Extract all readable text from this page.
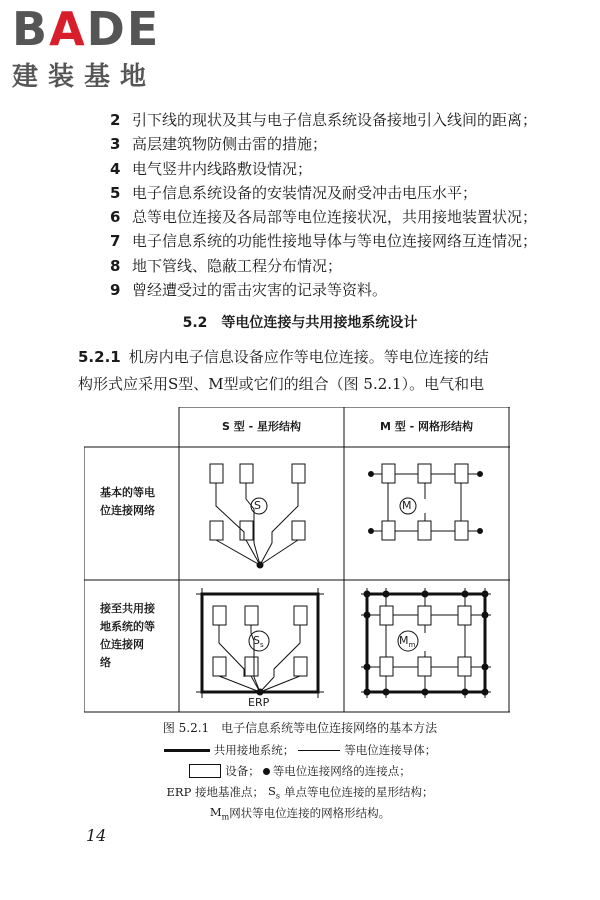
BADE
建装基地
2 引下线的现状及其与电子信息系统设备接地引入线间的距离；
3 高层建筑物防侧击雷的措施；
4 电气竖井内线路敷设情况；
5 电子信息系统设备的安装情况及耐受冲击电压水平；
6 总等电位连接及各局部等电位连接状况，共用接地装置状况；
7 电子信息系统的功能性接地导体与等电位连接网络互连情况；
8 地下管线、隐蔽工程分布情况；
9 曾经遭受过的雷击灾害的记录等资料。
5.2　等电位连接与共用接地系统设计
5.2.1 机房内电子信息设备应作等电位连接。等电位连接的结
构形式应采用S型、M型或它们的组合（图 5.2.1）。电气和电
S 型 - 星形结构	M 型 - 网格形结构
基本的等电
位连接网络
接至共用接
地系统的等
位连接网
络
S	M
$S_s$	$M_m$
ERP
图 5.2.1　电子信息系统等电位连接网络的基本方法
共用接地系统；	等电位连接导体；
设备； 等电位连接网络的连接点；
ERP 接地基准点； $S_s$ 单点等电位连接的星形结构；
$M_m$ 网状等电位连接的网格形结构。
14
